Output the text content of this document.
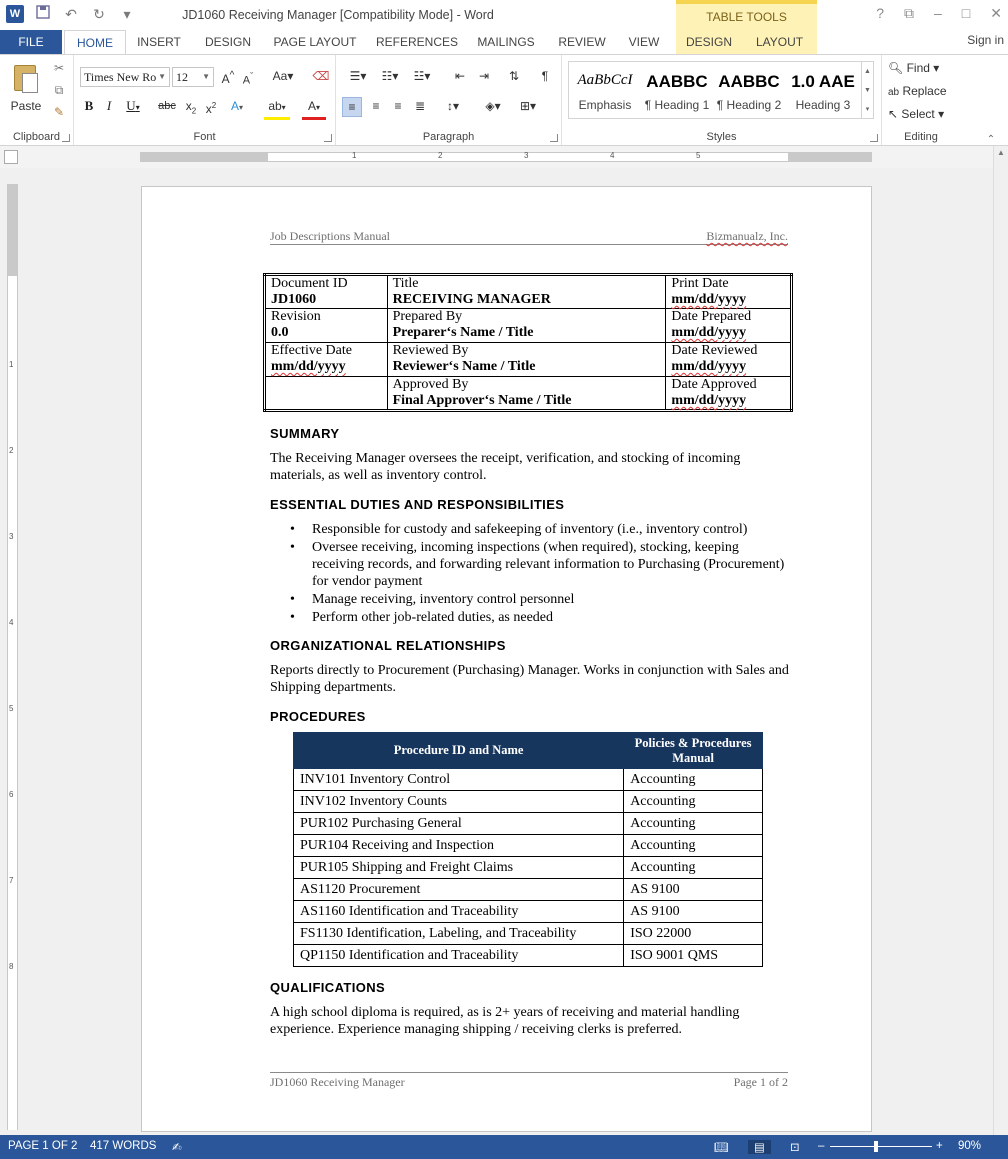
W	↶ ↻	▾	JD1060 Receiving Manager [Compatibility Mode] - Word	TABLE TOOLS	? ⧉ – □ ✕
FILE	HOME	INSERT	DESIGN	PAGE LAYOUT	REFERENCES	MAILINGS	REVIEW	VIEW	DESIGN	LAYOUT	Sign in
Paste
✂
⧉
✎
Clipboard
Times New Ro ▼ 12 ▼ A^ $A^ˇ$ Aa▾ ⌫
B	I	U▾	abc $x_2$ $x^2$	A▾	ab▾	A▾
Font
☰▾	☷▾	☳▾	⇤	⇥	⇅	¶
≡	≡	≡	≣	↕▾	◈▾	⊞▾
Paragraph	Styles
AaBbCcI
Emphasis
AABBC
¶ Heading 1
AABBC
¶ Heading 2
1.0 AAE
Heading 3
▲
▼
▾
Editing
🔍︎ Find ▾
ab Replace
↖ Select ▾
⌃
1	2	3	4	5
1
2
3
4
5
6
7
8
▲
Job Descriptions Manual	Bizmanualz, Inc.
Document ID
JD1060	Title
RECEIVING MANAGER	Print Date
mm/dd/yyyy

Revision
0.0	Prepared By
Preparer‘s Name / Title	Date Prepared
mm/dd/yyyy

Effective Date
mm/dd/yyyy	Reviewed By
Reviewer‘s Name / Title	Date Reviewed
mm/dd/yyyy

	Approved By
Final Approver‘s Name / Title	Date Approved
mm/dd/yyyy
SUMMARY
The Receiving Manager oversees the receipt, verification, and stocking of incoming materials, as well as inventory control.
ESSENTIAL DUTIES AND RESPONSIBILITIES
• Responsible for custody and safekeeping of inventory (i.e., inventory control)
• Oversee receiving, incoming inspections (when required), stocking, keeping receiving records, and forwarding relevant information to Purchasing (Procurement) for vendor payment
• Manage receiving, inventory control personnel
• Perform other job-related duties, as needed
ORGANIZATIONAL RELATIONSHIPS
Reports directly to Procurement (Purchasing) Manager. Works in conjunction with Sales and Shipping departments.
PROCEDURES
Procedure ID and Name	Policies & Procedures Manual
INV101 Inventory Control	Accounting
INV102 Inventory Counts	Accounting
PUR102 Purchasing General	Accounting
PUR104 Receiving and Inspection	Accounting
PUR105 Shipping and Freight Claims	Accounting
AS1120 Procurement	AS 9100
AS1160 Identification and Traceability	AS 9100
FS1130 Identification, Labeling, and Traceability	ISO 22000
QP1150 Identification and Traceability	ISO 9001 QMS
QUALIFICATIONS
A high school diploma is required, as is 2+ years of receiving and material handling experience. Experience managing shipping / receiving clerks is preferred.
JD1060 Receiving Manager	Page 1 of 2
PAGE 1 OF 2 417 WORDS ✍	📖︎	▤	⊡ –	+ 90%
